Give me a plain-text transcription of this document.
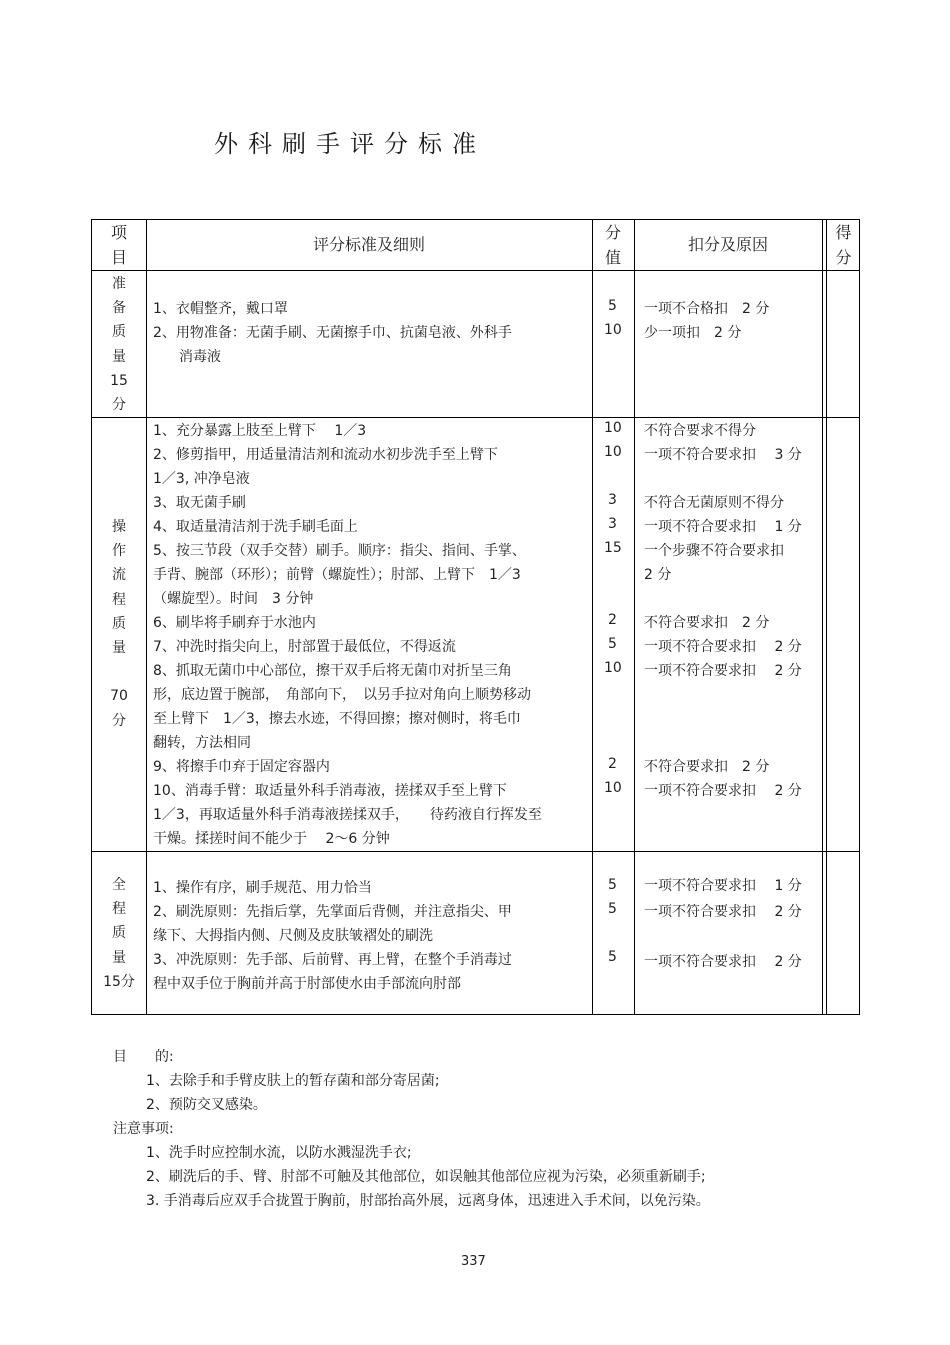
外科刷手评分标准
项
目
评分标准及细则
分
值
扣分及原因
得
分
准
备
质
量
15
分
1、衣帽整齐，戴口罩
2、用物准备：无菌手刷、无菌擦手巾、抗菌皂液、外科手
消毒液
5
10
一项不合格扣　2 分
少一项扣　2 分
操
作
流
程
质
量
70
分
1、充分暴露上肢至上臂下　 1／3
2、修剪指甲，用适量清洁剂和流动水初步洗手至上臂下
1／3, 冲净皂液
3、取无菌手刷
4、取适量清洁剂于洗手刷毛面上
5、按三节段（双手交替）刷手。顺序：指尖、指间、手掌、
手背、腕部（环形）；前臂（螺旋性）；肘部、上臂下　1／3
（螺旋型）。时间　3 分钟
6、刷毕将手刷弃于水池内
7、冲洗时指尖向上，肘部置于最低位，不得返流
8、抓取无菌巾中心部位，擦干双手后将无菌巾对折呈三角
形，底边置于腕部，　角部向下，　以另手拉对角向上顺势移动
至上臂下　1／3，擦去水迹，不得回擦；擦对侧时，将毛巾
翻转，方法相同
9、将擦手巾弃于固定容器内
10、消毒手臂：取适量外科手消毒液，搓揉双手至上臂下
1／3，再取适量外科手消毒液搓揉双手，　　待药液自行挥发至
干燥。揉搓时间不能少于　 2～6 分钟
10
10
3
3
15
2
5
10
2
10
不符合要求不得分
一项不符合要求扣　 3 分
不符合无菌原则不得分
一项不符合要求扣　 1 分
一个步骤不符合要求扣
2 分
不符合要求扣　2 分
一项不符合要求扣　 2 分
一项不符合要求扣　 2 分
不符合要求扣　2 分
一项不符合要求扣　 2 分
全
程
质
量
15分
1、操作有序，刷手规范、用力恰当
2、刷洗原则：先指后掌，先掌面后背侧，并注意指尖、甲
缘下、大拇指内侧、尺侧及皮肤皱褶处的刷洗
3、冲洗原则：先手部、后前臂、再上臂，在整个手消毒过
程中双手位于胸前并高于肘部使水由手部流向肘部
5
5
5
一项不符合要求扣　 1 分
一项不符合要求扣　 2 分
一项不符合要求扣　 2 分
目　　的:
1、去除手和手臂皮肤上的暂存菌和部分寄居菌;
2、预防交叉感染。
注意事项:
1、洗手时应控制水流，以防水溅湿洗手衣;
2、刷洗后的手、臂、肘部不可触及其他部位，如误触其他部位应视为污染，必须重新刷手;
3. 手消毒后应双手合拢置于胸前，肘部抬高外展，远离身体，迅速进入手术间，以免污染。
337
